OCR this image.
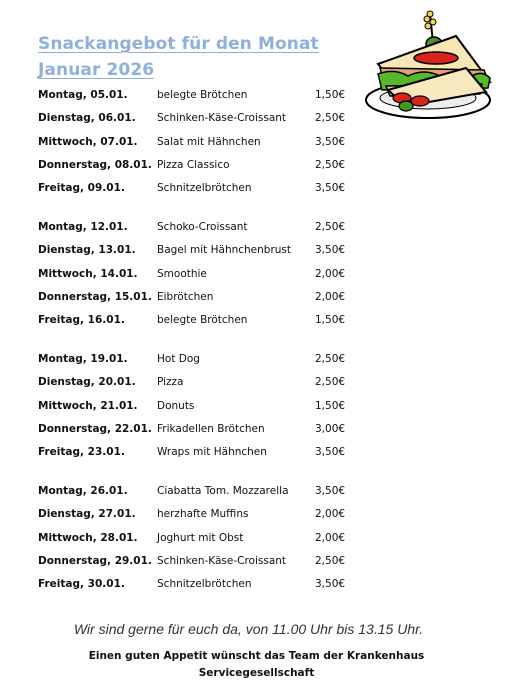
Snackangebot für den Monat
Januar 2026
Montag, 05.01.	belegte Brötchen	1,50€
Dienstag, 06.01. Schinken-Käse-Croissant	2,50€
Mittwoch, 07.01. Salat mit Hähnchen	3,50€
Donnerstag, 08.01. Pizza Classico	2,50€
Freitag, 09.01.	Schnitzelbrötchen	3,50€
Montag, 12.01.	Schoko-Croissant	2,50€
Dienstag, 13.01. Bagel mit Hähnchenbrust 3,50€
Mittwoch, 14.01. Smoothie	2,00€
Donnerstag, 15.01. Eibrötchen	2,00€
Freitag, 16.01.	belegte Brötchen	1,50€
Montag, 19.01.	Hot Dog	2,50€
Dienstag, 20.01. Pizza	2,50€
Mittwoch, 21.01. Donuts	1,50€
Donnerstag, 22.01. Frikadellen Brötchen	3,00€
Freitag, 23.01.	Wraps mit Hähnchen	3,50€
Montag, 26.01.	Ciabatta Tom. Mozzarella	3,50€
Dienstag, 27.01. herzhafte Muffins	2,00€
Mittwoch, 28.01. Joghurt mit Obst	2,00€
Donnerstag, 29.01. Schinken-Käse-Croissant	2,50€
Freitag, 30.01.	Schnitzelbrötchen	3,50€

Wir sind gerne für euch da, von 11.00 Uhr bis 13.15 Uhr.

Einen guten Appetit wünscht das Team der Krankenhaus
Servicegesellschaft
